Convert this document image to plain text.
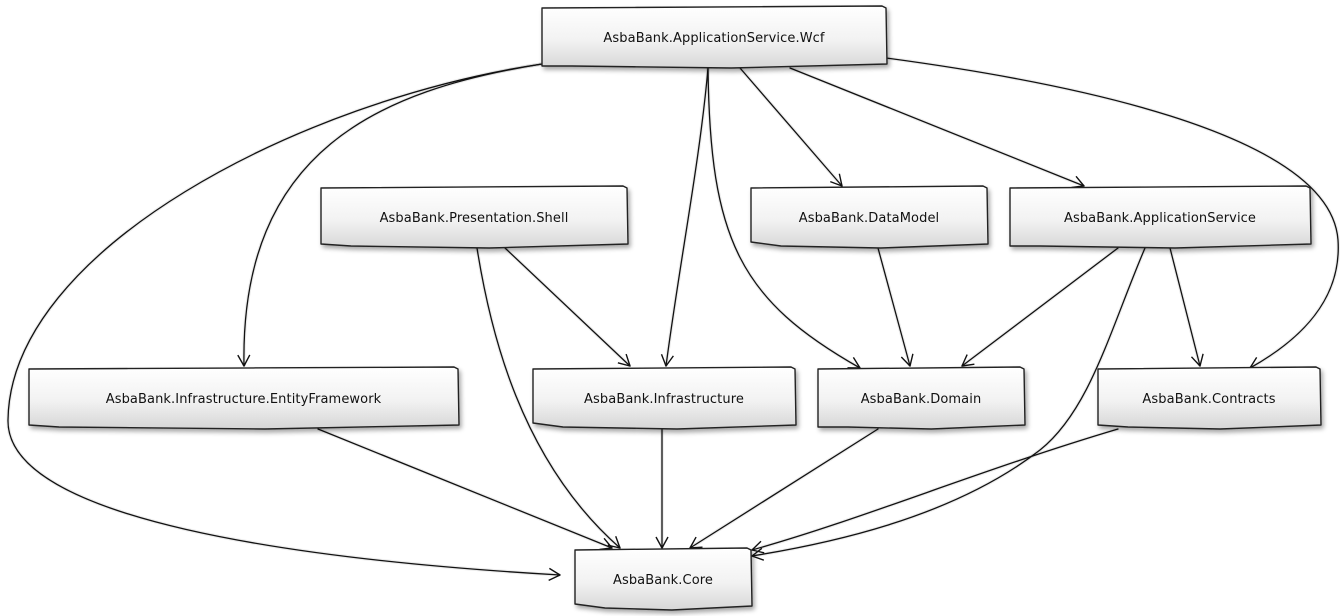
AsbaBank.ApplicationService.Wcf
AsbaBank.Presentation.Shell	AsbaBank.DataModel	AsbaBank.ApplicationService
AsbaBank.Infrastructure.EntityFramework	AsbaBank.Infrastructure	AsbaBank.Domain	AsbaBank.Contracts
AsbaBank.Core
